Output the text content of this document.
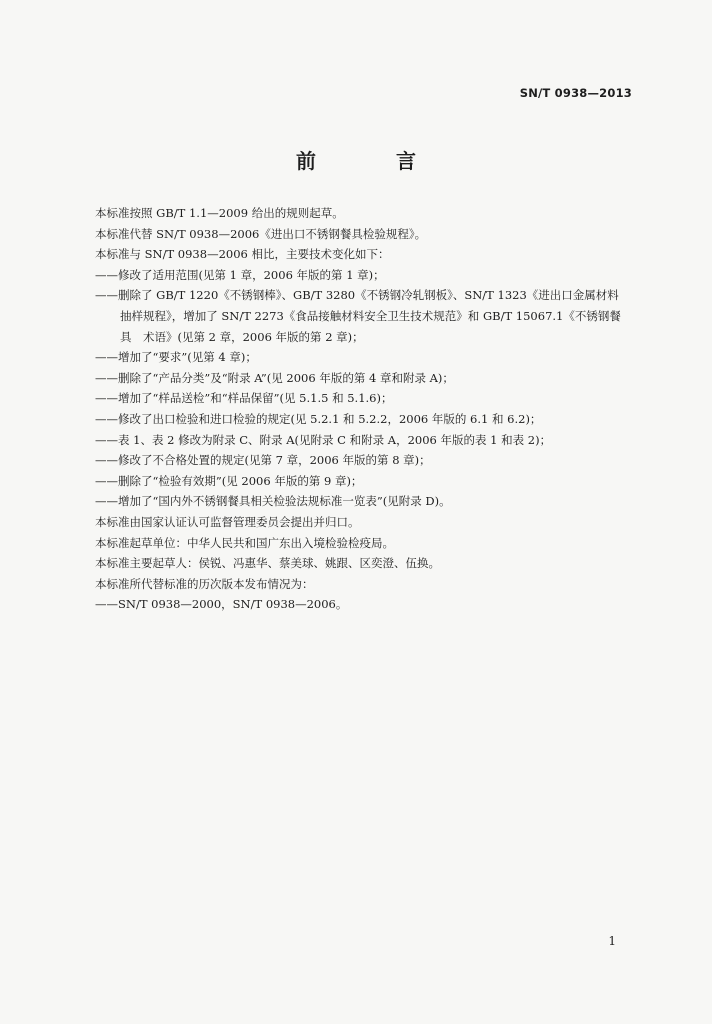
SN/T 0938—2013
前　言
本标准按照 GB/T 1.1—2009 给出的规则起草。
本标准代替 SN/T 0938—2006《进出口不锈钢餐具检验规程》。
本标准与 SN/T 0938—2006 相比，主要技术变化如下：
——修改了适用范围(见第 1 章，2006 年版的第 1 章)；
——删除了 GB/T 1220《不锈钢棒》、GB/T 3280《不锈钢冷轧钢板》、SN/T 1323《进出口金属材料
抽样规程》，增加了 SN/T 2273《食品接触材料安全卫生技术规范》和 GB/T 15067.1《不锈钢餐
具　术语》(见第 2 章，2006 年版的第 2 章)；
——增加了“要求”(见第 4 章)；
——删除了“产品分类”及“附录 A”(见 2006 年版的第 4 章和附录 A)；
——增加了“样品送检”和“样品保留”(见 5.1.5 和 5.1.6)；
——修改了出口检验和进口检验的规定(见 5.2.1 和 5.2.2，2006 年版的 6.1 和 6.2)；
——表 1、表 2 修改为附录 C、附录 A(见附录 C 和附录 A，2006 年版的表 1 和表 2)；
——修改了不合格处置的规定(见第 7 章，2006 年版的第 8 章)；
——删除了“检验有效期”(见 2006 年版的第 9 章)；
——增加了“国内外不锈钢餐具相关检验法规标准一览表”(见附录 D)。
本标准由国家认证认可监督管理委员会提出并归口。
本标准起草单位：中华人民共和国广东出入境检验检疫局。
本标准主要起草人：侯锐、冯惠华、蔡美球、姚跟、区奕澄、伍换。
本标准所代替标准的历次版本发布情况为：
——SN/T 0938—2000，SN/T 0938—2006。
1
